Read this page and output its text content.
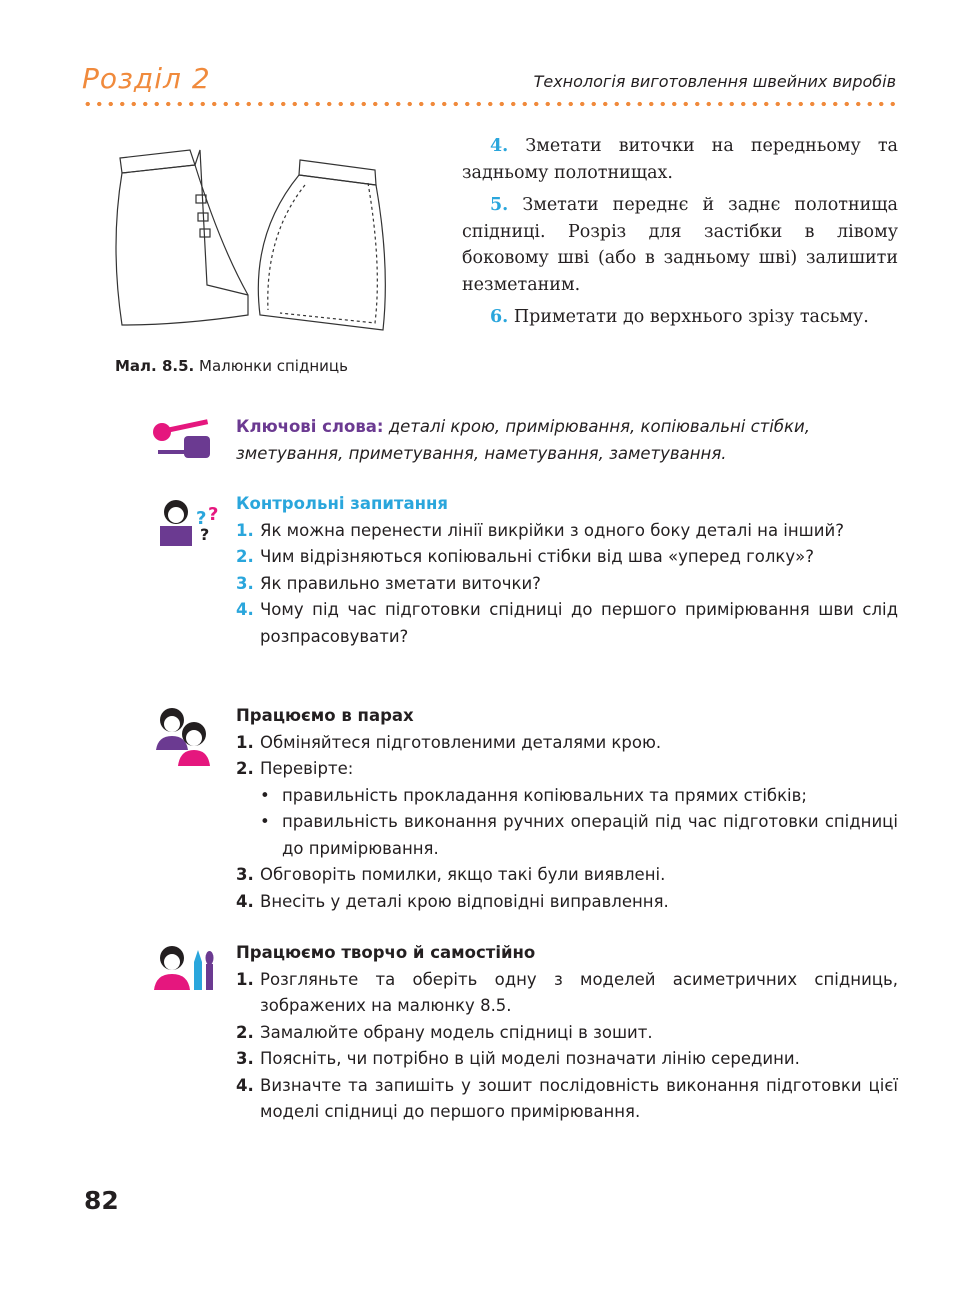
Розділ 2	Технологія виготовлення швейних виробів

4. Зметати виточки на передньому та задньому полотнищах.

5. Зметати переднє й заднє полотнища спідниці. Розріз для застібки в лівому боковому шві (або в задньому шві) залишити незметаним.

6. Приметати до верхнього зрізу тасьму.

Мал. 8.5. Малюнки спідниць
Ключові слова: деталі крою, примірювання, копіювальні стібки, зметування, приметування, наметування, заметування.
? ?
?
Контрольні запитання
1. Як можна перенести лінії викрійки з одного боку деталі на інший?
2. Чим відрізняються копіювальні стібки від шва «уперед голку»?
3. Як правильно зметати виточки?
4. Чому під час підготовки спідниці до першого примірювання шви слід розпрасовувати?
Працюємо в парах
1. Обміняйтеся підготовленими деталями крою.
2. Перевірте:
• правильність прокладання копіювальних та прямих стібків;
• правильність виконання ручних операцій під час підготовки спідниці до примірювання.
3. Обговоріть помилки, якщо такі були виявлені.
4. Внесіть у деталі крою відповідні виправлення.
Працюємо творчо й самостійно
1. Розгляньте та оберіть одну з моделей асиметричних спідниць, зображених на малюнку 8.5.
2. Замалюйте обрану модель спідниці в зошит.
3. Поясніть, чи потрібно в цій моделі позначати лінію середини.
4. Визначте та запишіть у зошит послідовність виконання підготовки цієї моделі спідниці до першого примірювання.
82
